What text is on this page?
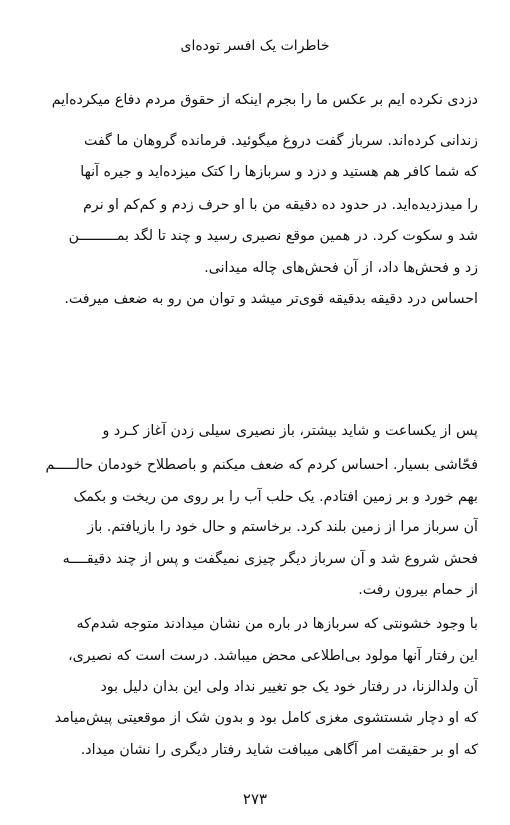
خاطرات یک افسر توده‌ای
دزدی نکرده ایم بر عکس ما را بجرم اینکه از حقوق مردم دفاع میکرده‌ایم
زندانی کرده‌اند. سرباز گفت دروغ میگوئید. فرمانده گروهان ما گفت
که شما کافر هم هستید و دزد و سربازها را کتک میزده‌اید و جیره آنها
را میدزدیده‌اید. در حدود ده دقیقه من با او حرف زدم و کم‌کم او نرم
شد و سکوت کرد. در همین موقع نصیری رسید و چند تا لگد بمـــــــــن
زد و فحش‌ها داد، از آن فحش‌های چاله میدانی.
احساس درد دقیقه بدقیقه قوی‌تر میشد و توان من رو به ضعف میرفت.
پس از یکساعت و شاید بیشتر، باز نصیری سیلی زدن آغاز کـرد و
فحّاشی بسیار. احساس کردم که ضعف میکنم و باصطلاح خودمان حالـــــم
بهم خورد و بر زمین افتادم. یک حلب آب را بر روی من ریخت و بکمک
آن سرباز مرا از زمین بلند کرد. برخاستم و حال خود را بازیافتم. باز
فحش شروع شد و آن سرباز دیگر چیزی نمیگفت و پس از چند دقیقــــه
از حمام بیرون رفت.
با وجود خشونتی که سربازها در باره من نشان میدادند متوجه شدم‌که
این رفتار آنها مولود بی‌اطلاعی محض میباشد. درست است که نصیری،
آن ولدالزنا، در رفتار خود یک جو تغییر نداد ولی این بدان دلیل بود
که او دچار شستشوی مغزی کامل بود و بدون شک از موقعیتی پیش‌میامد
که او بر حقیقت امر آگاهی میبافت شاید رفتار دیگری را نشان میداد.
۲۷۳
